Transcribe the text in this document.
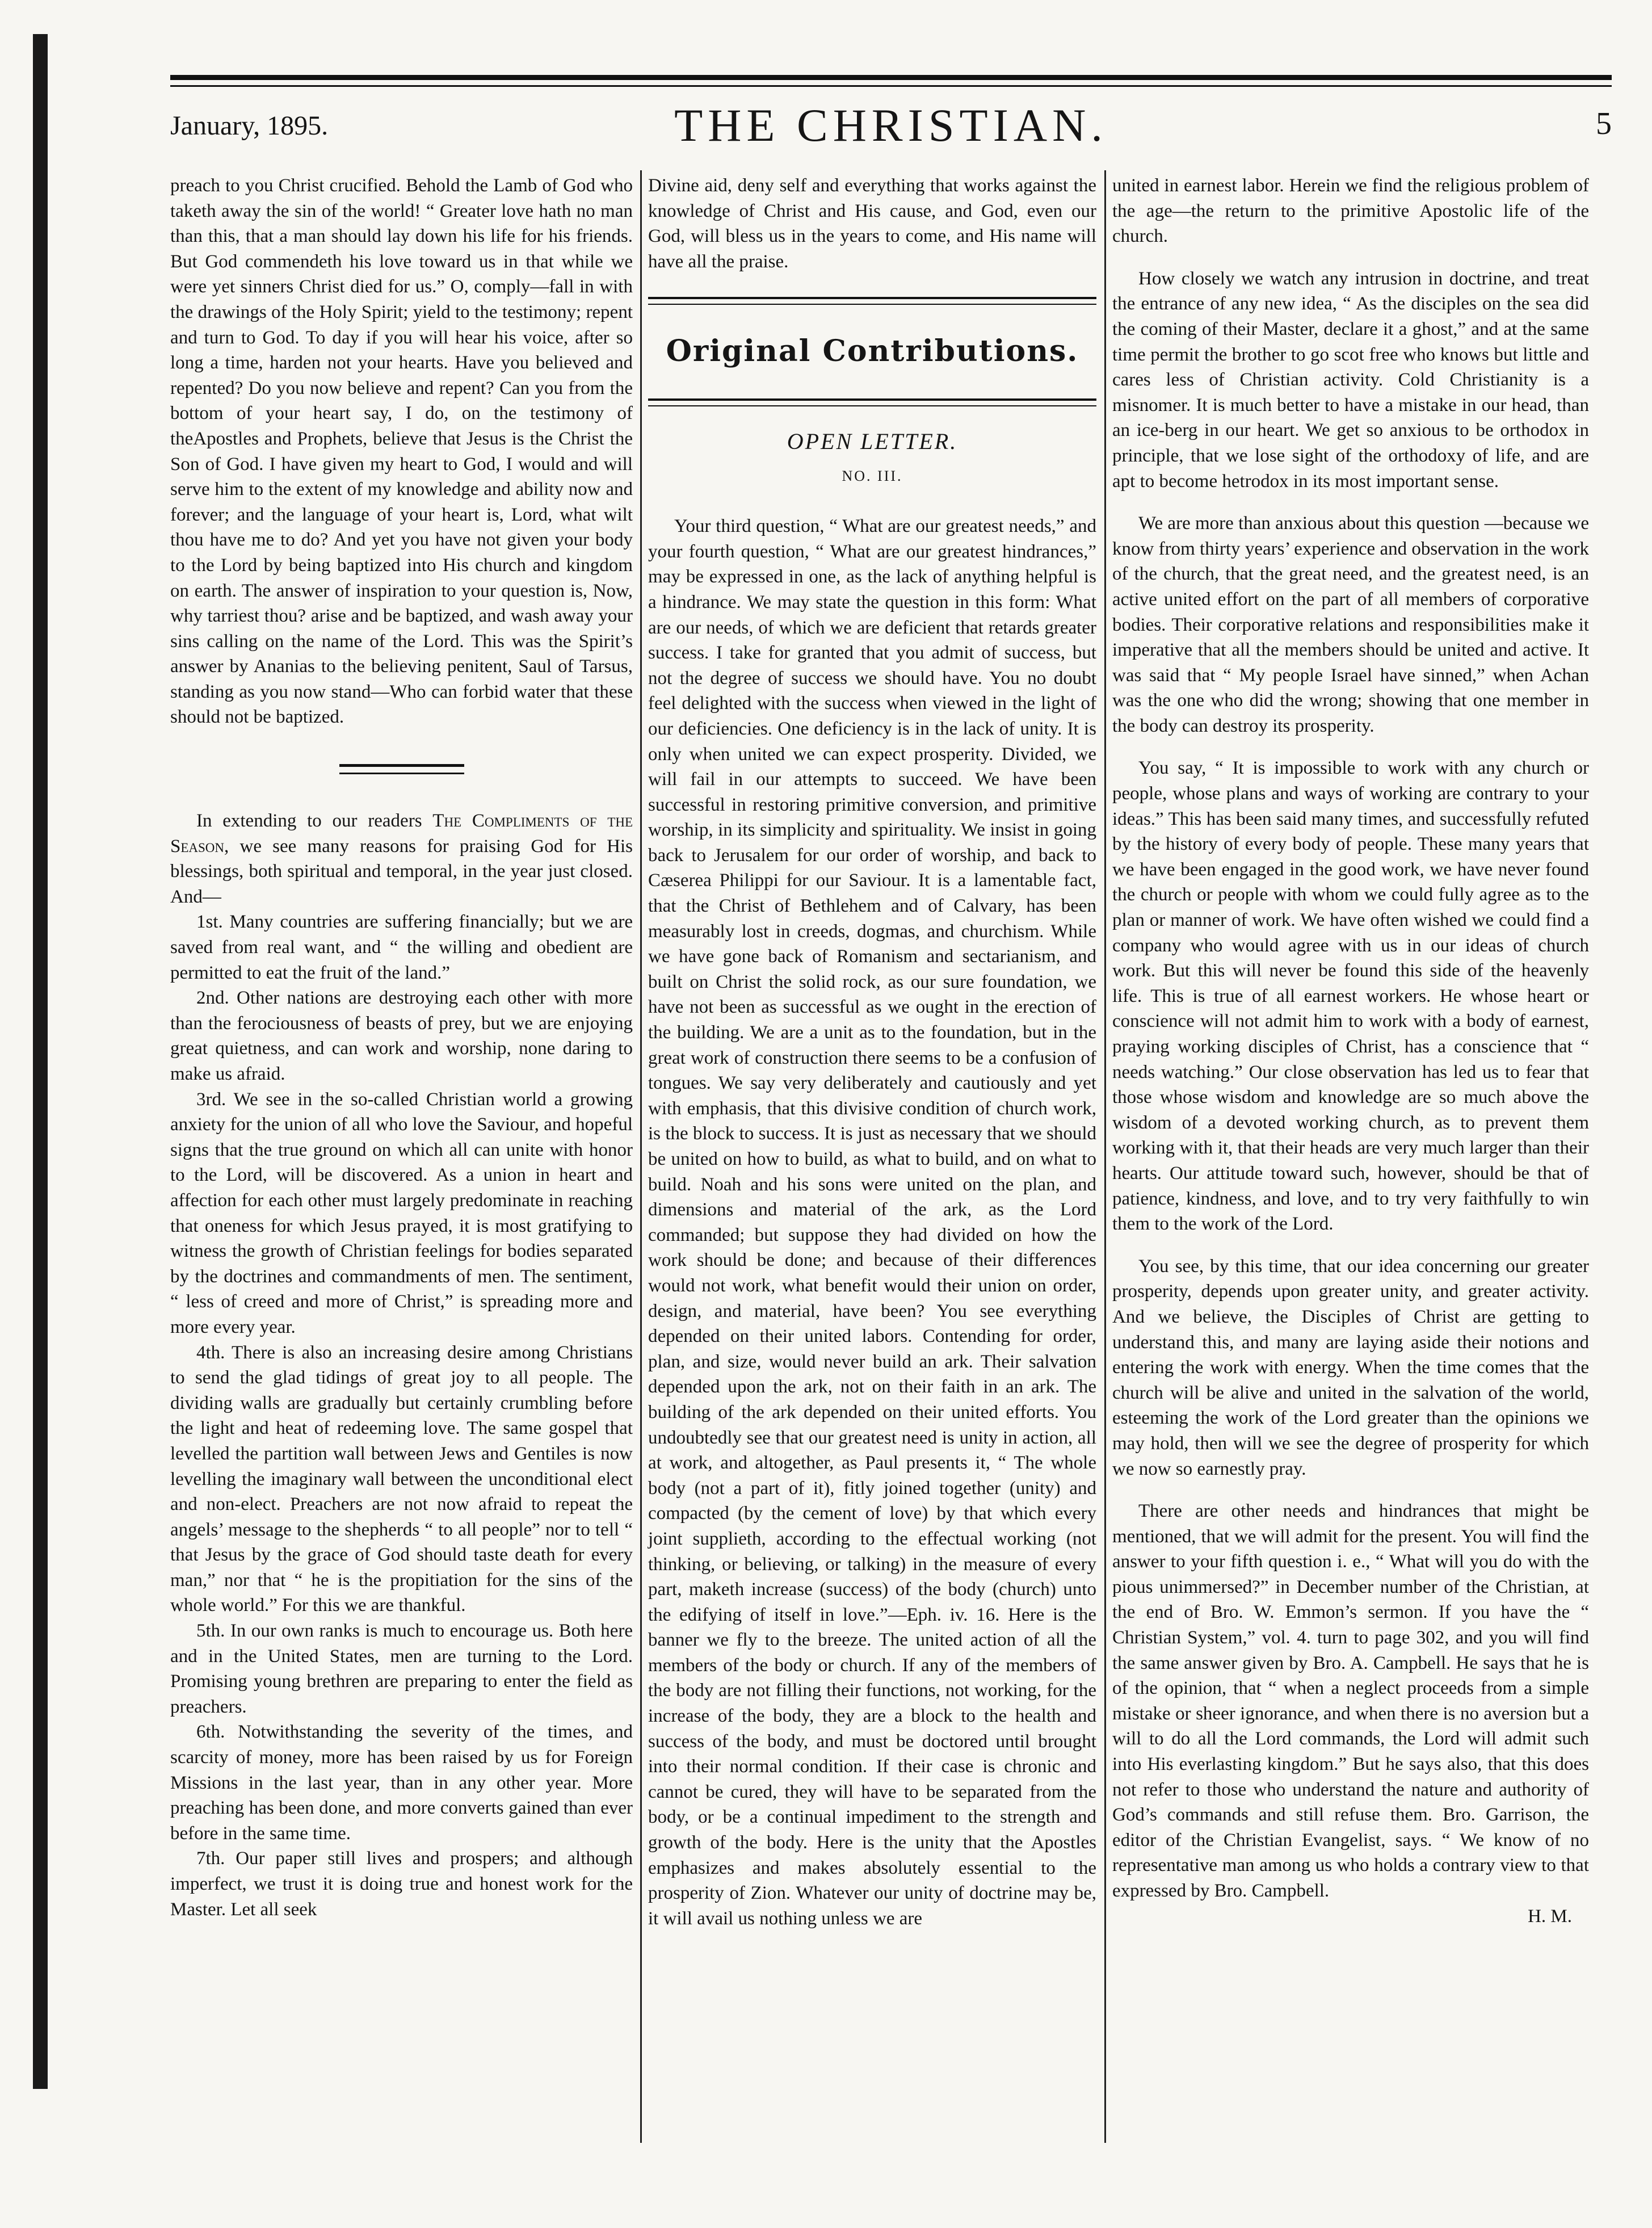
January, 1895.	THE CHRISTIAN.	5

preach to you Christ crucified. Behold the Lamb of God who taketh away the sin of the world! “ Greater love hath no man than this, that a man should lay down his life for his friends. But God commendeth his love toward us in that while we were yet sinners Christ died for us.” O, comply—fall in with the drawings of the Holy Spirit; yield to the testimony; repent and turn to God. To day if you will hear his voice, after so long a time, harden not your hearts. Have you believed and repented? Do you now believe and repent? Can you from the bottom of your heart say, I do, on the testimony of theApostles and Prophets, believe that Jesus is the Christ the Son of God. I have given my heart to God, I would and will serve him to the extent of my knowledge and ability now and forever; and the language of your heart is, Lord, what wilt thou have me to do? And yet you have not given your body to the Lord by being baptized into His church and kingdom on earth. The answer of inspiration to your question is, Now, why tarriest thou? arise and be baptized, and wash away your sins calling on the name of the Lord. This was the Spirit’s answer by Ananias to the believing penitent, Saul of Tarsus, standing as you now stand—Who can forbid water that these should not be baptized.

In extending to our readers The Compliments of the Season, we see many reasons for praising God for His blessings, both spiritual and temporal, in the year just closed. And—

1st. Many countries are suffering financially; but we are saved from real want, and “ the willing and obedient are permitted to eat the fruit of the land.”

2nd. Other nations are destroying each other with more than the ferociousness of beasts of prey, but we are enjoying great quietness, and can work and worship, none daring to make us afraid.

3rd. We see in the so-called Christian world a growing anxiety for the union of all who love the Saviour, and hopeful signs that the true ground on which all can unite with honor to the Lord, will be discovered. As a union in heart and affection for each other must largely predominate in reaching that oneness for which Jesus prayed, it is most gratifying to witness the growth of Christian feelings for bodies separated by the doctrines and commandments of men. The sentiment, “ less of creed and more of Christ,” is spreading more and more every year.

4th. There is also an increasing desire among Christians to send the glad tidings of great joy to all people. The dividing walls are gradually but certainly crumbling before the light and heat of redeeming love. The same gospel that levelled the partition wall between Jews and Gentiles is now levelling the imaginary wall between the unconditional elect and non-elect. Preachers are not now afraid to repeat the angels’ message to the shepherds “ to all people” nor to tell “ that Jesus by the grace of God should taste death for every man,” nor that “ he is the propitiation for the sins of the whole world.” For this we are thankful.

5th. In our own ranks is much to encourage us. Both here and in the United States, men are turning to the Lord. Promising young brethren are preparing to enter the field as preachers.

6th. Notwithstanding the severity of the times, and scarcity of money, more has been raised by us for Foreign Missions in the last year, than in any other year. More preaching has been done, and more converts gained than ever before in the same time.

7th. Our paper still lives and prospers; and although imperfect, we trust it is doing true and honest work for the Master. Let all seek

Divine aid, deny self and everything that works against the knowledge of Christ and His cause, and God, even our God, will bless us in the years to come, and His name will have all the praise.

Original Contributions.
OPEN LETTER.
NO. III.

Your third question, “ What are our greatest needs,” and your fourth question, “ What are our greatest hindrances,” may be expressed in one, as the lack of anything helpful is a hindrance. We may state the question in this form: What are our needs, of which we are deficient that retards greater success. I take for granted that you admit of success, but not the degree of success we should have. You no doubt feel delighted with the success when viewed in the light of our deficiencies. One deficiency is in the lack of unity. It is only when united we can expect prosperity. Divided, we will fail in our attempts to succeed. We have been successful in restoring primitive conversion, and primitive worship, in its simplicity and spirituality. We insist in going back to Jerusalem for our order of worship, and back to Cæserea Philippi for our Saviour. It is a lamentable fact, that the Christ of Bethlehem and of Calvary, has been measurably lost in creeds, dogmas, and churchism. While we have gone back of Romanism and sectarianism, and built on Christ the solid rock, as our sure foundation, we have not been as successful as we ought in the erection of the building. We are a unit as to the foundation, but in the great work of construction there seems to be a confusion of tongues. We say very deliberately and cautiously and yet with emphasis, that this divisive condition of church work, is the block to success. It is just as necessary that we should be united on how to build, as what to build, and on what to build. Noah and his sons were united on the plan, and dimensions and material of the ark, as the Lord commanded; but suppose they had divided on how the work should be done; and because of their differences would not work, what benefit would their union on order, design, and material, have been? You see everything depended on their united labors. Contending for order, plan, and size, would never build an ark. Their salvation depended upon the ark, not on their faith in an ark. The building of the ark depended on their united efforts. You undoubtedly see that our greatest need is unity in action, all at work, and altogether, as Paul presents it, “ The whole body (not a part of it), fitly joined together (unity) and compacted (by the cement of love) by that which every joint supplieth, according to the effectual working (not thinking, or believing, or talking) in the measure of every part, maketh increase (success) of the body (church) unto the edifying of itself in love.”—Eph. iv. 16. Here is the banner we fly to the breeze. The united action of all the members of the body or church. If any of the members of the body are not filling their functions, not working, for the increase of the body, they are a block to the health and success of the body, and must be doctored until brought into their normal condition. If their case is chronic and cannot be cured, they will have to be separated from the body, or be a continual impediment to the strength and growth of the body. Here is the unity that the Apostles emphasizes and makes absolutely essential to the prosperity of Zion. Whatever our unity of doctrine may be, it will avail us nothing unless we are

united in earnest labor. Herein we find the religious problem of the age—the return to the primitive Apostolic life of the church.

How closely we watch any intrusion in doctrine, and treat the entrance of any new idea, “ As the disciples on the sea did the coming of their Master, declare it a ghost,” and at the same time permit the brother to go scot free who knows but little and cares less of Christian activity. Cold Christianity is a misnomer. It is much better to have a mistake in our head, than an ice-berg in our heart. We get so anxious to be orthodox in principle, that we lose sight of the orthodoxy of life, and are apt to become hetrodox in its most important sense.

We are more than anxious about this question —because we know from thirty years’ experience and observation in the work of the church, that the great need, and the greatest need, is an active united effort on the part of all members of corporative bodies. Their corporative relations and responsibilities make it imperative that all the members should be united and active. It was said that “ My people Israel have sinned,” when Achan was the one who did the wrong; showing that one member in the body can destroy its prosperity.

You say, “ It is impossible to work with any church or people, whose plans and ways of working are contrary to your ideas.” This has been said many times, and successfully refuted by the history of every body of people. These many years that we have been engaged in the good work, we have never found the church or people with whom we could fully agree as to the plan or manner of work. We have often wished we could find a company who would agree with us in our ideas of church work. But this will never be found this side of the heavenly life. This is true of all earnest workers. He whose heart or conscience will not admit him to work with a body of earnest, praying working disciples of Christ, has a conscience that “ needs watching.” Our close observation has led us to fear that those whose wisdom and knowledge are so much above the wisdom of a devoted working church, as to prevent them working with it, that their heads are very much larger than their hearts. Our attitude toward such, however, should be that of patience, kindness, and love, and to try very faithfully to win them to the work of the Lord.

You see, by this time, that our idea concerning our greater prosperity, depends upon greater unity, and greater activity. And we believe, the Disciples of Christ are getting to understand this, and many are laying aside their notions and entering the work with energy. When the time comes that the church will be alive and united in the salvation of the world, esteeming the work of the Lord greater than the opinions we may hold, then will we see the degree of prosperity for which we now so earnestly pray.

There are other needs and hindrances that might be mentioned, that we will admit for the present. You will find the answer to your fifth question i. e., “ What will you do with the pious unimmersed?” in December number of the Christian, at the end of Bro. W. Emmon’s sermon. If you have the “ Christian System,” vol. 4. turn to page 302, and you will find the same answer given by Bro. A. Campbell. He says that he is of the opinion, that “ when a neglect proceeds from a simple mistake or sheer ignorance, and when there is no aversion but a will to do all the Lord commands, the Lord will admit such into His everlasting kingdom.” But he says also, that this does not refer to those who understand the nature and authority of God’s commands and still refuse them. Bro. Garrison, the editor of the Christian Evangelist, says. “ We know of no representative man among us who holds a contrary view to that expressed by Bro. Campbell.

H. M.
